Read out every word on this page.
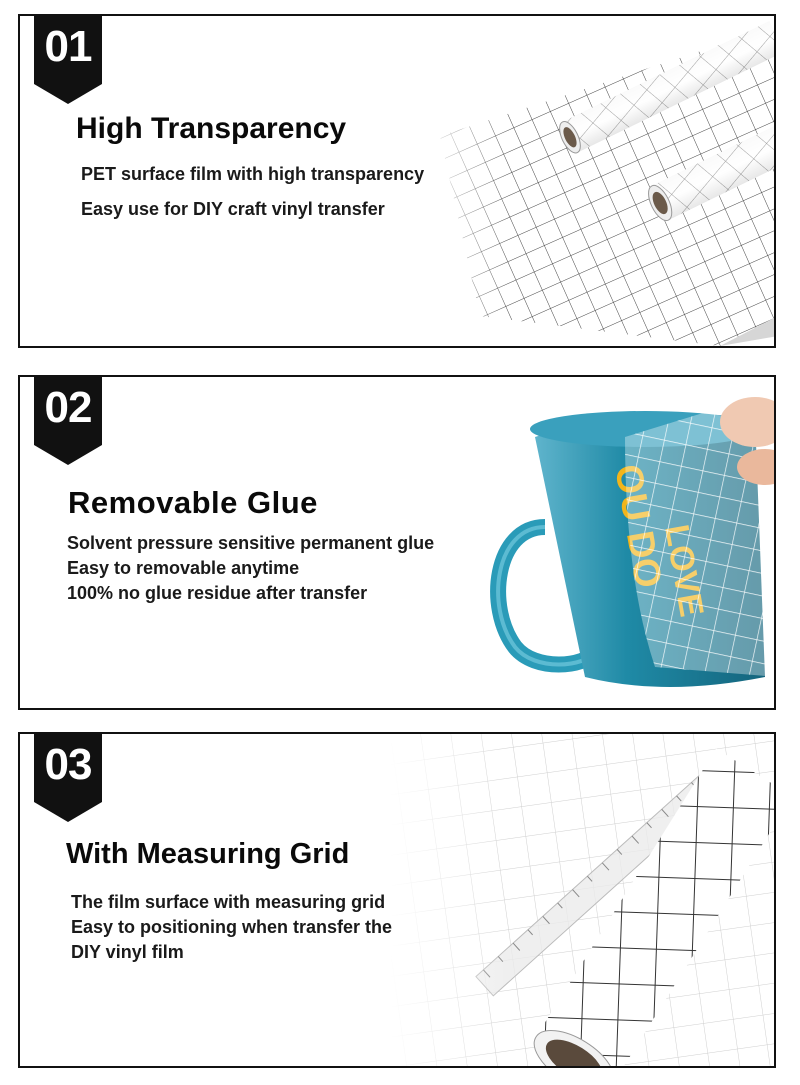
01
High Transparency
PET surface film with high transparency
Easy use for DIY craft vinyl transfer
02
Removable Glue
Solvent pressure sensitive permanent glue
Easy to removable anytime
100% no glue residue after transfer
03
With Measuring Grid
The film surface with measuring grid
Easy to positioning when transfer the
DIY vinyl film
